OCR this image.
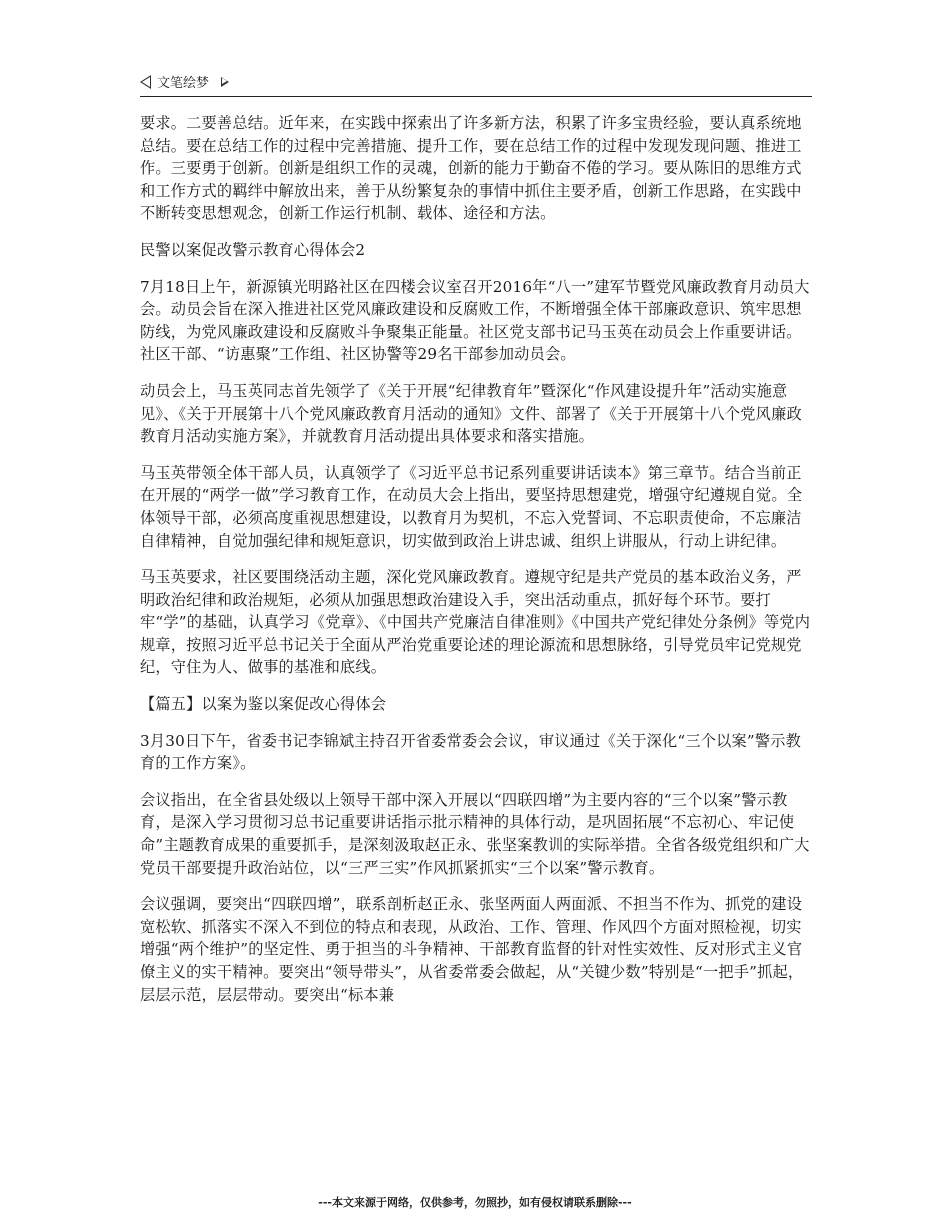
文笔绘梦

要求。二要善总结。近年来，在实践中探索出了许多新方法，积累了许多宝贵经验，要认真系统地总结。要在总结工作的过程中完善措施、提升工作，要在总结工作的过程中发现发现问题、推进工作。三要勇于创新。创新是组织工作的灵魂，创新的能力于勤奋不倦的学习。要从陈旧的思维方式和工作方式的羁绊中解放出来，善于从纷繁复杂的事情中抓住主要矛盾，创新工作思路，在实践中不断转变思想观念，创新工作运行机制、载体、途径和方法。

民警以案促改警示教育心得体会2

7月18日上午，新源镇光明路社区在四楼会议室召开2016年“八一”建军节暨党风廉政教育月动员大会。动员会旨在深入推进社区党风廉政建设和反腐败工作，不断增强全体干部廉政意识、筑牢思想防线，为党风廉政建设和反腐败斗争聚集正能量。社区党支部书记马玉英在动员会上作重要讲话。社区干部、“访惠聚”工作组、社区协警等29名干部参加动员会。

动员会上，马玉英同志首先领学了《关于开展“纪律教育年”暨深化“作风建设提升年”活动实施意见》、《关于开展第十八个党风廉政教育月活动的通知》文件、部署了《关于开展第十八个党风廉政教育月活动实施方案》，并就教育月活动提出具体要求和落实措施。

马玉英带领全体干部人员，认真领学了《习近平总书记系列重要讲话读本》第三章节。结合当前正在开展的“两学一做”学习教育工作，在动员大会上指出，要坚持思想建党，增强守纪遵规自觉。全体领导干部，必须高度重视思想建设，以教育月为契机，不忘入党誓词、不忘职责使命，不忘廉洁自律精神，自觉加强纪律和规矩意识，切实做到政治上讲忠诚、组织上讲服从，行动上讲纪律。

马玉英要求，社区要围绕活动主题，深化党风廉政教育。遵规守纪是共产党员的基本政治义务，严明政治纪律和政治规矩，必须从加强思想政治建设入手，突出活动重点，抓好每个环节。要打牢“学”的基础，认真学习《党章》、《中国共产党廉洁自律准则》《中国共产党纪律处分条例》等党内规章，按照习近平总书记关于全面从严治党重要论述的理论源流和思想脉络，引导党员牢记党规党纪，守住为人、做事的基准和底线。

【篇五】以案为鉴以案促改心得体会

3月30日下午，省委书记李锦斌主持召开省委常委会会议，审议通过《关于深化“三个以案”警示教育的工作方案》。

会议指出，在全省县处级以上领导干部中深入开展以“四联四增”为主要内容的“三个以案”警示教育，是深入学习贯彻习总书记重要讲话指示批示精神的具体行动，是巩固拓展“不忘初心、牢记使命”主题教育成果的重要抓手，是深刻汲取赵正永、张坚案教训的实际举措。全省各级党组织和广大党员干部要提升政治站位，以“三严三实”作风抓紧抓实“三个以案”警示教育。

会议强调，要突出“四联四增”，联系剖析赵正永、张坚两面人两面派、不担当不作为、抓党的建设宽松软、抓落实不深入不到位的特点和表现，从政治、工作、管理、作风四个方面对照检视，切实增强“两个维护”的坚定性、勇于担当的斗争精神、干部教育监督的针对性实效性、反对形式主义官僚主义的实干精神。要突出“领导带头”，从省委常委会做起，从“关键少数”特别是“一把手”抓起，层层示范，层层带动。要突出“标本兼

---本文来源于网络，仅供参考，勿照抄，如有侵权请联系删除---
